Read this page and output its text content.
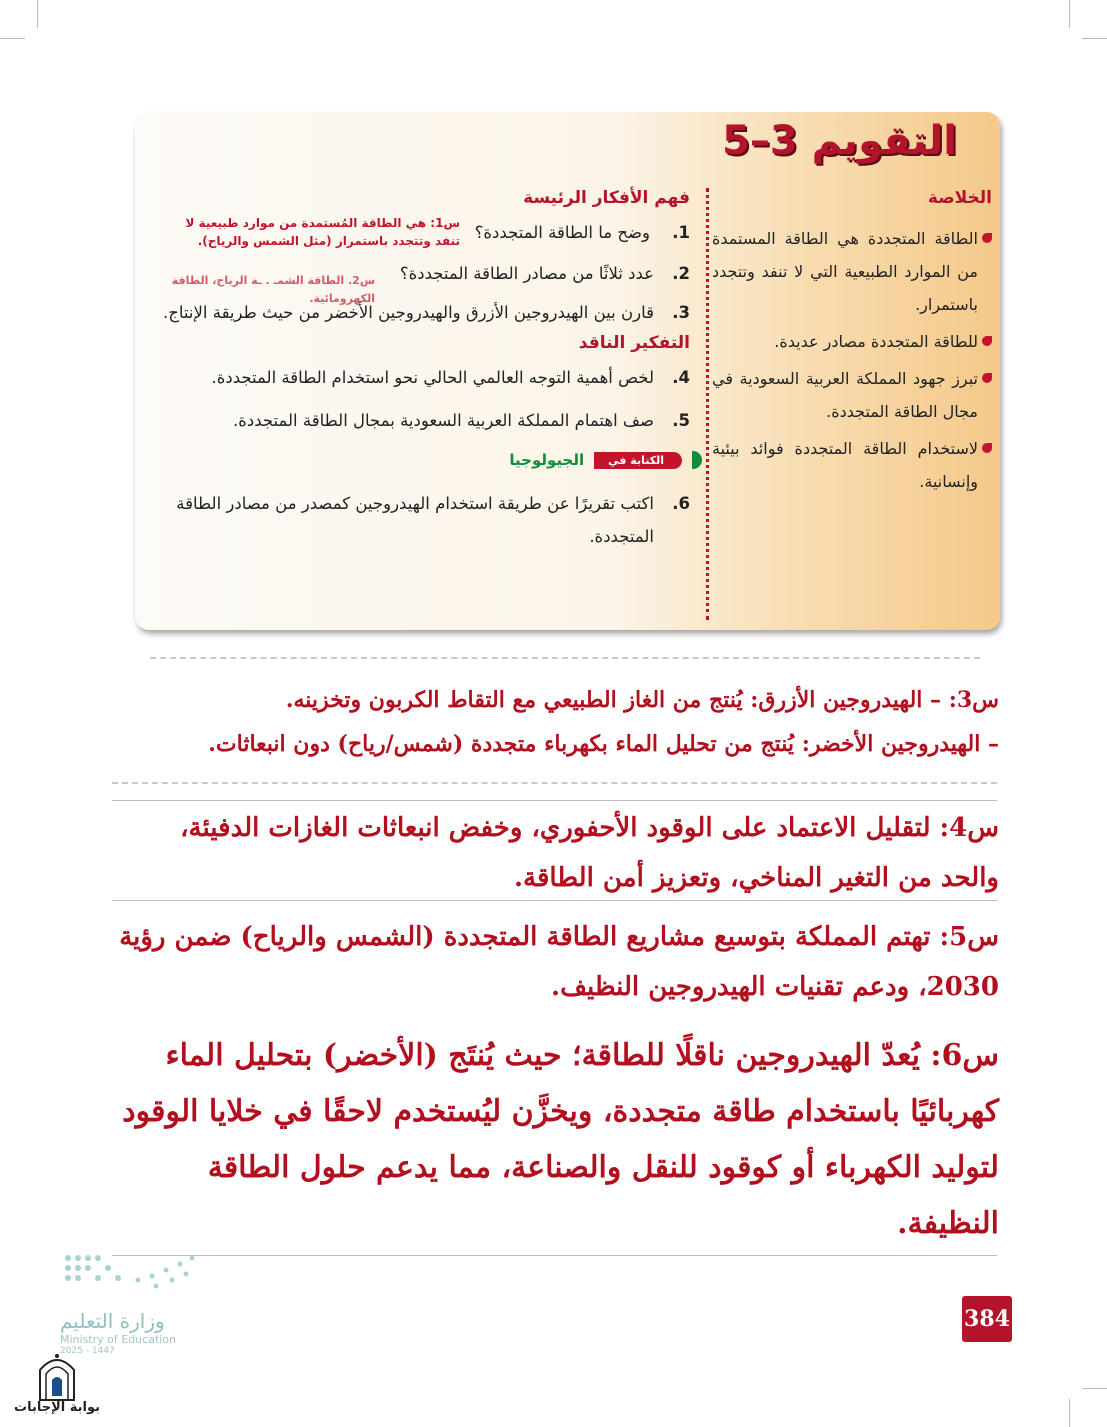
التقويم 3–5
الخلاصة
الطاقة المتجددة هي الطاقة المستمدة من الموارد الطبيعية التي لا تنفد وتتجدد باستمرار.
للطاقة المتجددة مصادر عديدة.
تبرز جهود المملكة العربية السعودية في مجال الطاقة المتجددة.
لاستخدام الطاقة المتجددة فوائد بيئية وإنسانية.
فهم الأفكار الرئيسة
1.
وضح ما الطاقة المتجددة؟
2.
عدد ثلاثًا من مصادر الطاقة المتجددة؟
3.
قارن بين الهيدروجين الأزرق والهيدروجين الأخضر من حيث طريقة الإنتاج.
التفكير الناقد
4.
لخص أهمية التوجه العالمي الحالي نحو استخدام الطاقة المتجددة.
5.
صف اهتمام المملكة العربية السعودية بمجال الطاقة المتجددة.
الكتابة في
الجيولوجيا
6.
اكتب تقريرًا عن طريقة استخدام الهيدروجين كمصدر من مصادر الطاقة المتجددة.
س1: هي الطاقة المُستمدة من موارد طبيعية لا تنفد وتتجدد باستمرار (مثل الشمس والرياح).
س2. الطاقة الشمـ . ـة الرياح، الطاقة الكهرومائية.
س3: – الهيدروجين الأزرق: يُنتج من الغاز الطبيعي مع التقاط الكربون وتخزينه.
– الهيدروجين الأخضر: يُنتج من تحليل الماء بكهرباء متجددة (شمس/رياح) دون انبعاثات.
س4: لتقليل الاعتماد على الوقود الأحفوري، وخفض انبعاثات الغازات الدفيئة، والحد من التغير المناخي، وتعزيز أمن الطاقة.
س5: تهتم المملكة بتوسيع مشاريع الطاقة المتجددة (الشمس والرياح) ضمن رؤية 2030، ودعم تقنيات الهيدروجين النظيف.
س6: يُعدّ الهيدروجين ناقلًا للطاقة؛ حيث يُنتَج (الأخضر) بتحليل الماء كهربائيًا باستخدام طاقة متجددة، ويخزَّن ليُستخدم لاحقًا في خلايا الوقود لتوليد الكهرباء أو كوقود للنقل والصناعة، مما يدعم حلول الطاقة النظيفة.
وزارة التعليم
Ministry of Education
2025 - 1447
384
بوابة الإجابات
